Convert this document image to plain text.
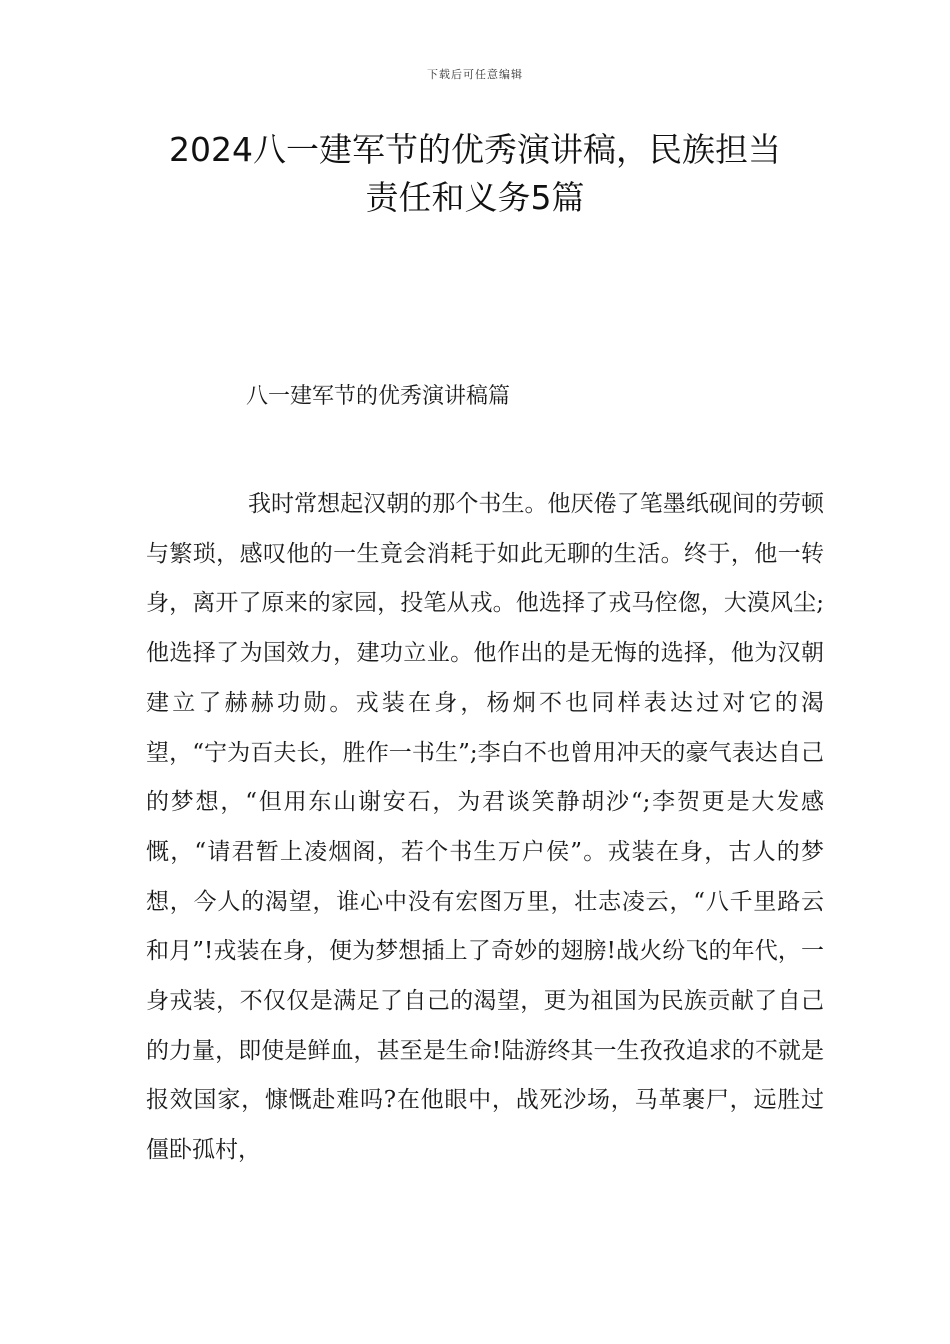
下载后可任意编辑
2024八一建军节的优秀演讲稿，民族担当
责任和义务5篇
八一建军节的优秀演讲稿篇

我时常想起汉朝的那个书生。他厌倦了笔墨纸砚间的劳顿与繁琐，感叹他的一生竟会消耗于如此无聊的生活。终于，他一转身，离开了原来的家园，投笔从戎。他选择了戎马倥偬，大漠风尘;他选择了为国效力，建功立业。他作出的是无悔的选择，他为汉朝建立了赫赫功勋。戎装在身，杨炯不也同样表达过对它的渴望，“宁为百夫长，胜作一书生”;李白不也曾用冲天的豪气表达自己的梦想，“但用东山谢安石，为君谈笑静胡沙“;李贺更是大发感慨，“请君暂上凌烟阁，若个书生万户侯”。戎装在身，古人的梦想，今人的渴望，谁心中没有宏图万里，壮志凌云，“八千里路云和月”!戎装在身，便为梦想插上了奇妙的翅膀!战火纷飞的年代，一身戎装，不仅仅是满足了自己的渴望，更为祖国为民族贡献了自己的力量，即使是鲜血，甚至是生命!陆游终其一生孜孜追求的不就是报效国家，慷慨赴难吗?在他眼中，战死沙场，马革裹尸，远胜过僵卧孤村，
